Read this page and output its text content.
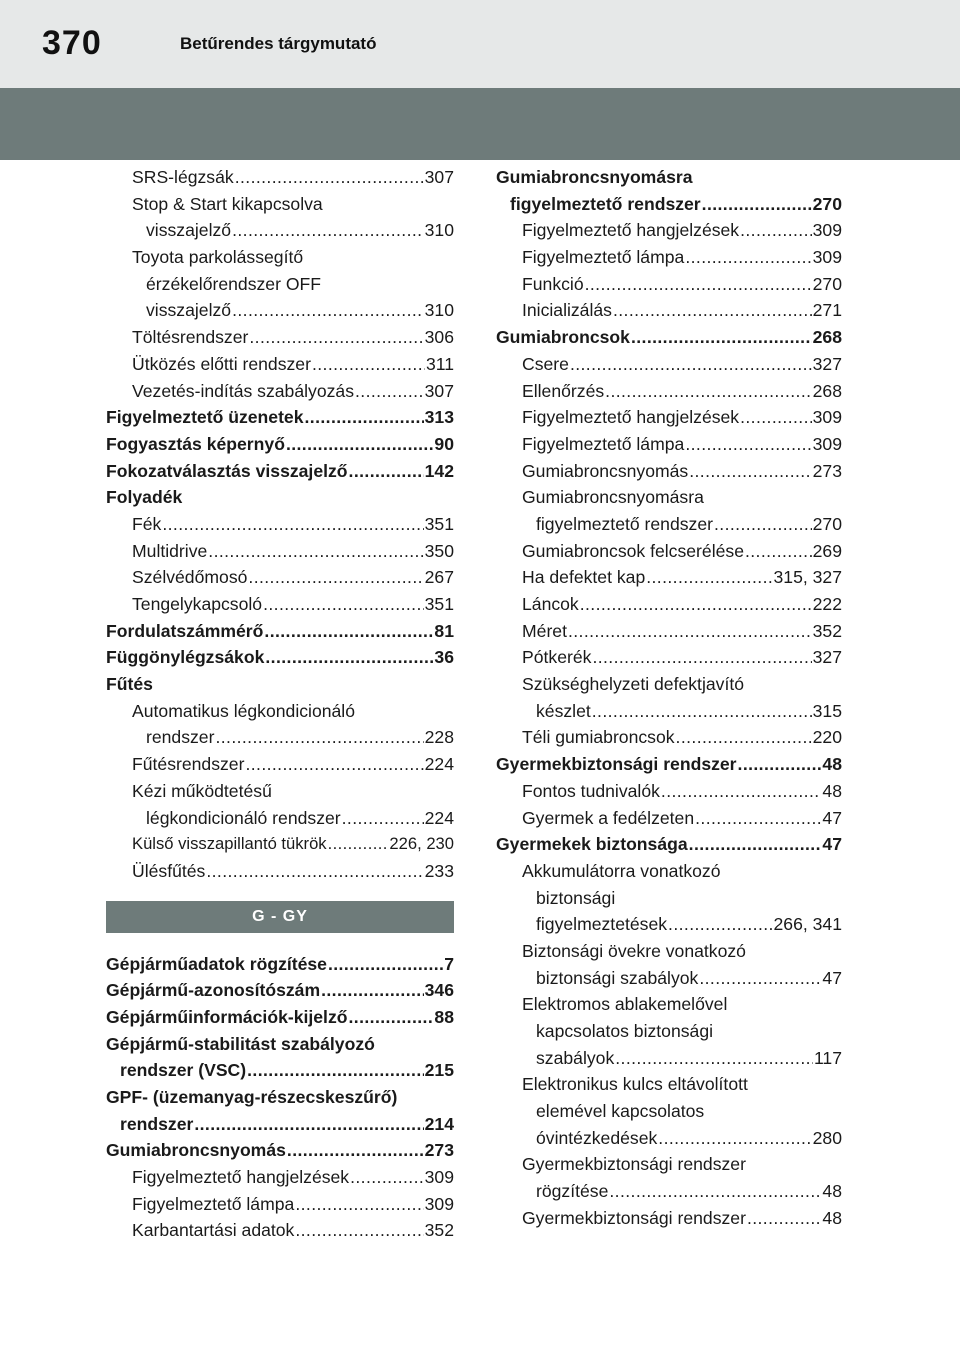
370	Betűrendes tárgymutató
SRS-légzsák .....	307
Stop & Start kikapcsolva
visszajelző .....	310
Toyota parkolássegítő
érzékelőrendszer OFF
visszajelző .....	310
Töltésrendszer .....	306
Ütközés előtti rendszer .....	311
Vezetés-indítás szabályozás .....	307
Figyelmeztető üzenetek .....	313
Fogyasztás képernyő .....	90
Fokozatválasztás visszajelző .....	142
Folyadék
Fék .....	351
Multidrive .....	350
Szélvédőmosó .....	267
Tengelykapcsoló .....	351
Fordulatszámmérő .....	81
Függönylégzsákok .....	36
Fűtés
Automatikus légkondicionáló
rendszer .....	228
Fűtésrendszer .....	224
Kézi működtetésű
légkondicionáló rendszer .....	224
Külső visszapillantó tükrök .....	226, 230
Ülésfűtés .....	233
G - GY
Gépjárműadatok rögzítése .....	7
Gépjármű-azonosítószám .....	346
Gépjárműinformációk-kijelző .....	88
Gépjármű-stabilitást szabályozó
rendszer (VSC) .....	215
GPF- (üzemanyag-részecskeszűrő)
rendszer .....	214
Gumiabroncsnyomás .....	273
Figyelmeztető hangjelzések .....	309
Figyelmeztető lámpa .....	309
Karbantartási adatok .....	352
Gumiabroncsnyomásra
figyelmeztető rendszer .....	270
Figyelmeztető hangjelzések .....	309
Figyelmeztető lámpa .....	309
Funkció .....	270
Inicializálás .....	271
Gumiabroncsok .....	268
Csere .....	327
Ellenőrzés .....	268
Figyelmeztető hangjelzések .....	309
Figyelmeztető lámpa .....	309
Gumiabroncsnyomás .....	273
Gumiabroncsnyomásra
figyelmeztető rendszer .....	270
Gumiabroncsok felcserélése .....	269
Ha defektet kap .....	315, 327
Láncok .....	222
Méret .....	352
Pótkerék .....	327
Szükséghelyzeti defektjavító
készlet .....	315
Téli gumiabroncsok .....	220
Gyermekbiztonsági rendszer .....	48
Fontos tudnivalók .....	48
Gyermek a fedélzeten .....	47
Gyermekek biztonsága .....	47
Akkumulátorra vonatkozó
biztonsági
figyelmeztetések .....	266, 341
Biztonsági övekre vonatkozó
biztonsági szabályok .....	47
Elektromos ablakemelővel
kapcsolatos biztonsági
szabályok .....	117
Elektronikus kulcs eltávolított
elemével kapcsolatos
óvintézkedések .....	280
Gyermekbiztonsági rendszer
rögzítése .....	48
Gyermekbiztonsági rendszer .....	48
